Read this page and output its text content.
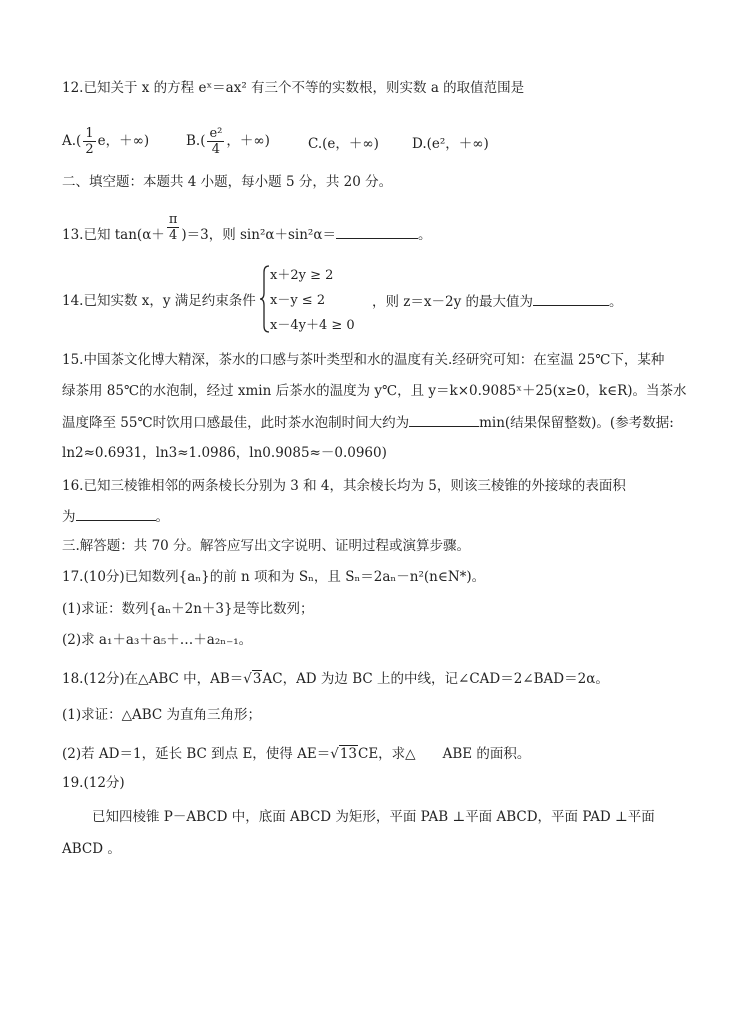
12.已知关于 x 的方程 eˣ＝ax² 有三个不等的实数根，则实数 a 的取值范围是
$A.( \frac{1}{2}$ e，＋∞)	$B.( \frac{\text{e²}}{4}$ ，＋∞)	C.(e，＋∞) D.(e²，＋∞)
二、填空题：本题共 4 小题，每小题 5 分，共 20 分。
13.已知 $\tan(\alpha+ \frac{\pi}{4} )=3$，则 sin²α＋sin²α＝	。
14.已知实数 x，y 满足约束条件
x＋2y ≥ 2
x－y ≤ 2
x－4y＋4 ≥ 0
，则 z＝x－2y 的最大值为	。
15.中国茶文化博大精深，茶水的口感与茶叶类型和水的温度有关.经研究可知：在室温 25℃下，某种
绿茶用 85℃的水泡制，经过 xmin 后茶水的温度为 y℃，且 y＝k×0.9085ˣ＋25(x≥0，k∈R)。当茶水
温度降至 55℃时饮用口感最佳，此时茶水泡制时间大约为	min(结果保留整数)。(参考数据:
ln2≈0.6931，ln3≈1.0986，ln0.9085≈－0.0960)
16.已知三棱锥相邻的两条棱长分别为 3 和 4，其余棱长均为 5，则该三棱锥的外接球的表面积
为	。
三.解答题：共 70 分。解答应写出文字说明、证明过程或演算步骤。
17.(10分)已知数列{aₙ}的前 n 项和为 Sₙ，且 Sₙ＝2aₙ－n²(n∈N*)。
(1)求证：数列{aₙ＋2n＋3}是等比数列；
(2)求 a₁＋a₃＋a₅＋…＋a₂ₙ₋₁。
18.(12分)在△ABC 中，AB＝√3AC，AD 为边 BC 上的中线，记∠CAD＝2∠BAD＝2α。
(1)求证：△ABC 为直角三角形；
(2)若 AD＝1，延长 BC 到点 E，使得 AE＝√13CE，求△　　ABE 的面积。
19.(12分)
已知四棱锥 P－ABCD 中，底面 ABCD 为矩形，平面 PAB ⊥平面 ABCD，平面 PAD ⊥平面
ABCD 。
